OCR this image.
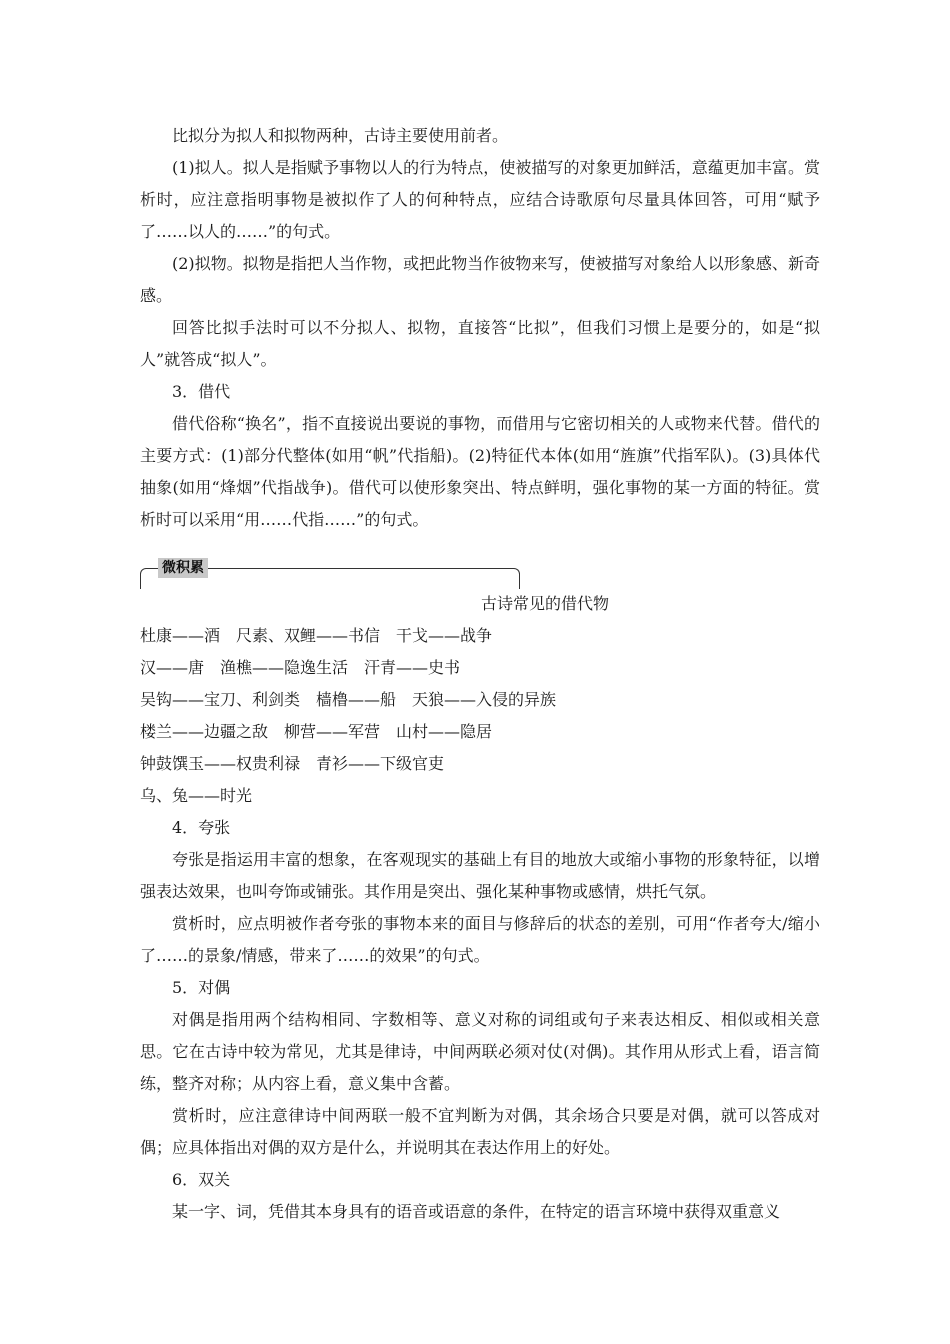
比拟分为拟人和拟物两种，古诗主要使用前者。

(1)拟人。拟人是指赋予事物以人的行为特点，使被描写的对象更加鲜活，意蕴更加丰富。赏析时，应注意指明事物是被拟作了人的何种特点，应结合诗歌原句尽量具体回答，可用“赋予了……以人的……”的句式。

(2)拟物。拟物是指把人当作物，或把此物当作彼物来写，使被描写对象给人以形象感、新奇感。

回答比拟手法时可以不分拟人、拟物，直接答“比拟”，但我们习惯上是要分的，如是“拟人”就答成“拟人”。

3．借代

借代俗称“换名”，指不直接说出要说的事物，而借用与它密切相关的人或物来代替。借代的主要方式：(1)部分代整体(如用“帆”代指船)。(2)特征代本体(如用“旌旗”代指军队)。(3)具体代抽象(如用“烽烟”代指战争)。借代可以使形象突出、特点鲜明，强化事物的某一方面的特征。赏析时可以采用“用……代指……”的句式。

微积累

古诗常见的借代物

杜康——酒　尺素、双鲤——书信　干戈——战争

汉——唐　渔樵——隐逸生活　汗青——史书

吴钩——宝刀、利剑类　樯橹——船　天狼——入侵的异族

楼兰——边疆之敌　柳营——军营　山村——隐居

钟鼓馔玉——权贵利禄　青衫——下级官吏

乌、兔——时光

4．夸张

夸张是指运用丰富的想象，在客观现实的基础上有目的地放大或缩小事物的形象特征，以增强表达效果，也叫夸饰或铺张。其作用是突出、强化某种事物或感情，烘托气氛。

赏析时，应点明被作者夸张的事物本来的面目与修辞后的状态的差别，可用“作者夸大/缩小了……的景象/情感，带来了……的效果”的句式。

5．对偶

对偶是指用两个结构相同、字数相等、意义对称的词组或句子来表达相反、相似或相关意思。它在古诗中较为常见，尤其是律诗，中间两联必须对仗(对偶)。其作用从形式上看，语言简练，整齐对称；从内容上看，意义集中含蓄。

赏析时，应注意律诗中间两联一般不宜判断为对偶，其余场合只要是对偶，就可以答成对偶；应具体指出对偶的双方是什么，并说明其在表达作用上的好处。

6．双关

某一字、词，凭借其本身具有的语音或语意的条件，在特定的语言环境中获得双重意义
